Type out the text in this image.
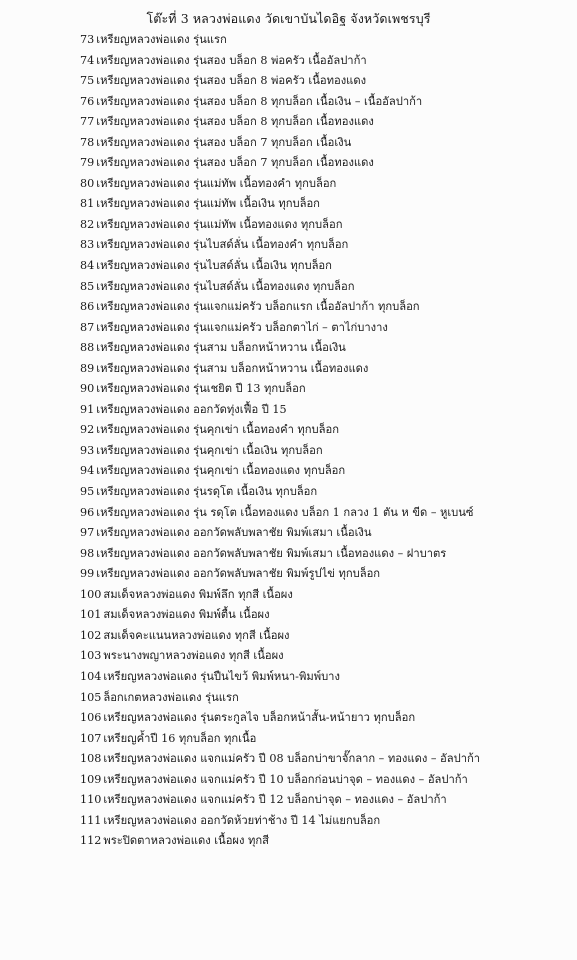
โต๊ะที่ 3 หลวงพ่อแดง วัดเขาบันไดอิฐ จังหวัดเพชรบุรี
73 เหรียญหลวงพ่อแดง รุ่นแรก
74 เหรียญหลวงพ่อแดง รุ่นสอง บล็อก 8 พ่อครัว เนื้ออัลปาก้า
75 เหรียญหลวงพ่อแดง รุ่นสอง บล็อก 8 พ่อครัว เนื้อทองแดง
76 เหรียญหลวงพ่อแดง รุ่นสอง บล็อก 8 ทุกบล็อก เนื้อเงิน – เนื้ออัลปาก้า
77 เหรียญหลวงพ่อแดง รุ่นสอง บล็อก 8 ทุกบล็อก เนื้อทองแดง
78 เหรียญหลวงพ่อแดง รุ่นสอง บล็อก 7 ทุกบล็อก เนื้อเงิน
79 เหรียญหลวงพ่อแดง รุ่นสอง บล็อก 7 ทุกบล็อก เนื้อทองแดง
80 เหรียญหลวงพ่อแดง รุ่นแม่ทัพ เนื้อทองคำ ทุกบล็อก
81 เหรียญหลวงพ่อแดง รุ่นแม่ทัพ เนื้อเงิน ทุกบล็อก
82 เหรียญหลวงพ่อแดง รุ่นแม่ทัพ เนื้อทองแดง ทุกบล็อก
83 เหรียญหลวงพ่อแดง รุ่นไบสด์ลั่น เนื้อทองคำ ทุกบล็อก
84 เหรียญหลวงพ่อแดง รุ่นไบสด์ลั่น เนื้อเงิน ทุกบล็อก
85 เหรียญหลวงพ่อแดง รุ่นไบสด์ลั่น เนื้อทองแดง ทุกบล็อก
86 เหรียญหลวงพ่อแดง รุ่นแจกแม่ครัว บล็อกแรก เนื้ออัลปาก้า ทุกบล็อก
87 เหรียญหลวงพ่อแดง รุ่นแจกแม่ครัว บล็อกตาไก่ – ตาไก่บางาง
88 เหรียญหลวงพ่อแดง รุ่นสาม บล็อกหน้าหวาน เนื้อเงิน
89 เหรียญหลวงพ่อแดง รุ่นสาม บล็อกหน้าหวาน เนื้อทองแดง
90 เหรียญหลวงพ่อแดง รุ่นเชยิต ปี 13 ทุกบล็อก
91 เหรียญหลวงพ่อแดง ออกวัดทุ่งเฟื้อ ปี 15
92 เหรียญหลวงพ่อแดง รุ่นคุกเข่า เนื้อทองคำ ทุกบล็อก
93 เหรียญหลวงพ่อแดง รุ่นคุกเข่า เนื้อเงิน ทุกบล็อก
94 เหรียญหลวงพ่อแดง รุ่นคุกเข่า เนื้อทองแดง ทุกบล็อก
95 เหรียญหลวงพ่อแดง รุ่นรดุโต เนื้อเงิน ทุกบล็อก
96 เหรียญหลวงพ่อแดง รุ่น รดุโต เนื้อทองแดง บล็อก 1 กลวง 1 ตัน ห ขีด – หูเบนซ์
97 เหรียญหลวงพ่อแดง ออกวัดพลับพลาชัย พิมพ์เสมา เนื้อเงิน
98 เหรียญหลวงพ่อแดง ออกวัดพลับพลาชัย พิมพ์เสมา เนื้อทองแดง – ฝาบาตร
99 เหรียญหลวงพ่อแดง ออกวัดพลับพลาชัย พิมพ์รูปไข่ ทุกบล็อก
100 สมเด็จหลวงพ่อแดง พิมพ์ลึก ทุกสี เนื้อผง
101 สมเด็จหลวงพ่อแดง พิมพ์ตื้น เนื้อผง
102 สมเด็จคะแนนหลวงพ่อแดง ทุกสี เนื้อผง
103 พระนางพญาหลวงพ่อแดง ทุกสี เนื้อผง
104 เหรียญหลวงพ่อแดง รุ่นปืนไขว้ พิมพ์หนา-พิมพ์บาง
105 ล็อกเกตหลวงพ่อแดง รุ่นแรก
106 เหรียญหลวงพ่อแดง รุ่นตระกูลไจ บล็อกหน้าสั้น-หน้ายาว ทุกบล็อก
107 เหรียญค้ำปี 16 ทุกบล็อก ทุกเนื้อ
108 เหรียญหลวงพ่อแดง แจกแม่ครัว ปี 08 บล็อกบ่าขาจั๊กลาก – ทองแดง – อัลปาก้า
109 เหรียญหลวงพ่อแดง แจกแม่ครัว ปี 10 บล็อกก่อนบ่าจุด – ทองแดง – อัลปาก้า
110 เหรียญหลวงพ่อแดง แจกแม่ครัว ปี 12 บล็อกบ่าจุด – ทองแดง – อัลปาก้า
111 เหรียญหลวงพ่อแดง ออกวัดห้วยท่าช้าง ปี 14 ไม่แยกบล็อก
112 พระปิดตาหลวงพ่อแดง เนื้อผง ทุกสี
